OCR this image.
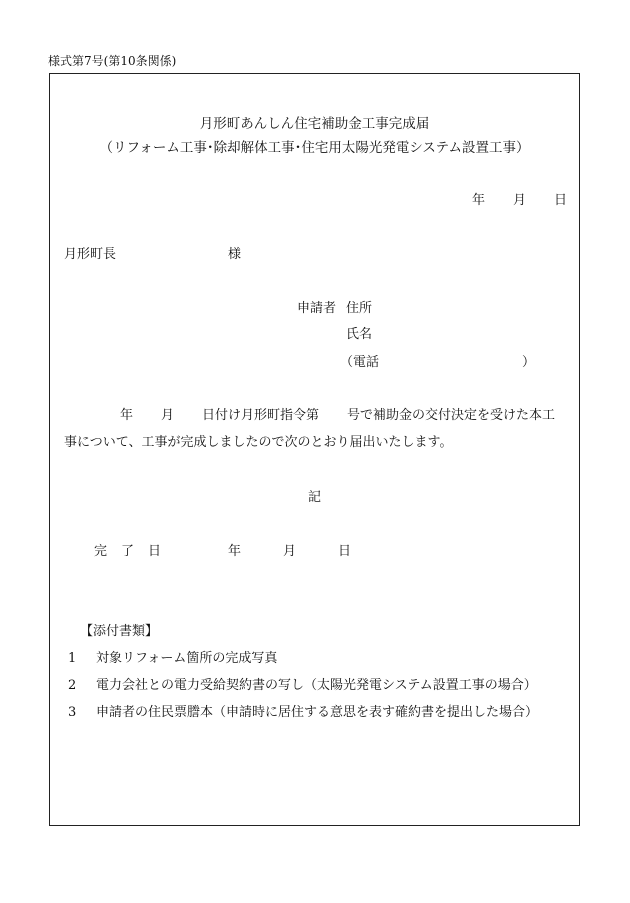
様式第7号(第10条関係)
月形町あんしん住宅補助金工事完成届
（リフォーム工事･除却解体工事･住宅用太陽光発電システム設置工事）
年 月 日
月形町長	様
申請者 住所
氏名
（電話	）
年 月 日付け月形町指令第 号で補助金の交付決定を受けた本工
事について、工事が完成しましたので次のとおり届出いたします。
記
完 了 日	年	月	日
【添付書類】
1 対象リフォーム箇所の完成写真
2 電力会社との電力受給契約書の写し（太陽光発電システム設置工事の場合）
3 申請者の住民票謄本（申請時に居住する意思を表す確約書を提出した場合）
